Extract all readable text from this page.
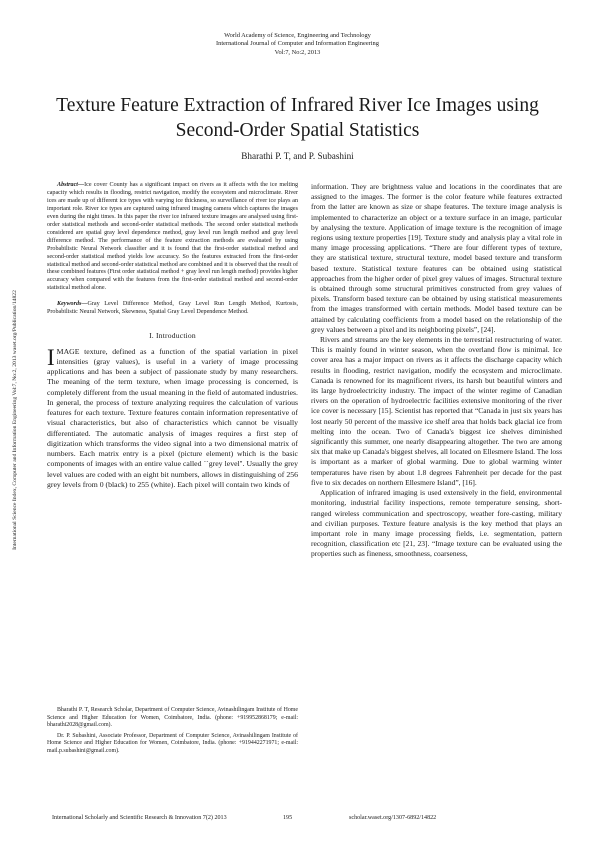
World Academy of Science, Engineering and Technology
International Journal of Computer and Information Engineering
Vol:7, No:2, 2013
Texture Feature Extraction of Infrared River Ice Images using Second-Order Spatial Statistics
Bharathi P. T, and P. Subashini
International Science Index, Computer and Information Engineering Vol:7, No:2, 2013 waset.org/Publication/14822

Abstract—Ice cover County has a significant impact on rivers as it affects with the ice melting capacity which results in flooding, restrict navigation, modify the ecosystem and microclimate. River ices are made up of different ice types with varying ice thickness, so surveillance of river ice plays an important role. River ice types are captured using infrared imaging camera which captures the images even during the night times. In this paper the river ice infrared texture images are analysed using first-order statistical methods and second-order statistical methods. The second order statistical methods considered are spatial gray level dependence method, gray level run length method and gray level difference method. The performance of the feature extraction methods are evaluated by using Probabilistic Neural Network classifier and it is found that the first-order statistical method and second-order statistical method yields low accuracy. So the features extracted from the first-order statistical method and second-order statistical method are combined and it is observed that the result of these combined features (First order statistical method + gray level run length method) provides higher accuracy when compared with the features from the first-order statistical method and second-order statistical method alone.

Keywords—Gray Level Difference Method, Gray Level Run Length Method, Kurtosis, Probabilistic Neural Network, Skewness, Spatial Gray Level Dependence Method.

I. Introduction

IMAGE texture, defined as a function of the spatial variation in pixel intensities (gray values), is useful in a variety of image processing applications and has been a subject of passionate study by many researchers. The meaning of the term texture, when image processing is concerned, is completely different from the usual meaning in the field of automated industries. In general, the process of texture analyzing requires the calculation of various features for each texture. Texture features contain information representative of visual characteristics, but also of characteristics which cannot be visually differentiated. The automatic analysis of images requires a first step of digitization which transforms the video signal into a two dimensional matrix of numbers. Each matrix entry is a pixel (picture element) which is the basic components of images with an entire value called ``grey level''. Usually the grey level values are coded with an eight bit numbers, allows in distinguishing of 256 grey levels from 0 (black) to 255 (white). Each pixel will contain two kinds of

Bharathi P. T, Research Scholar, Department of Computer Science, Avinashilingam Institute of Home Science and Higher Education for Women, Coimbatore, India. (phone: +919952868179; e-mail: bharathi2028@gmail.com).

Dr. P. Subashini, Associate Professor, Department of Computer Science, Avinashilingam Institute of Home Science and Higher Education for Women, Coimbatore, India. (phone: +919442271971; e-mail: mail.p.subashini@gmail.com).

information. They are brightness value and locations in the coordinates that are assigned to the images. The former is the color feature while features extracted from the latter are known as size or shape features. The texture image analysis is implemented to characterize an object or a texture surface in an image, particular by analysing the texture. Application of image texture is the recognition of image regions using texture properties [19]. Texture study and analysis play a vital role in many image processing applications. “There are four different types of texture, they are statistical texture, structural texture, model based texture and transform based texture. Statistical texture features can be obtained using statistical approaches from the higher order of pixel grey values of images. Structural texture is obtained through some structural primitives constructed from grey values of pixels. Transform based texture can be obtained by using statistical measurements from the images transformed with certain methods. Model based texture can be attained by calculating coefficients from a model based on the relationship of the grey values between a pixel and its neighboring pixels”, [24].

Rivers and streams are the key elements in the terrestrial restructuring of water. This is mainly found in winter season, when the overland flow is minimal. Ice cover area has a major impact on rivers as it affects the discharge capacity which results in flooding, restrict navigation, modify the ecosystem and microclimate. Canada is renowned for its magnificent rivers, its harsh but beautiful winters and its large hydroelectricity industry. The impact of the winter regime of Canadian rivers on the operation of hydroelectric facilities extensive monitoring of the river ice cover is necessary [15]. Scientist has reported that “Canada in just six years has lost nearly 50 percent of the massive ice shelf area that holds back glacial ice from melting into the ocean. Two of Canada's biggest ice shelves diminished significantly this summer, one nearly disappearing altogether. The two are among six that make up Canada's biggest shelves, all located on Ellesmere Island. The loss is important as a marker of global warming. Due to global warming winter temperatures have risen by about 1.8 degrees Fahrenheit per decade for the past five to six decades on northern Ellesmere Island”, [16].

Application of infrared imaging is used extensively in the field, environmental monitoring, industrial facility inspections, remote temperature sensing, short-ranged wireless communication and spectroscopy, weather fore-casting, military and civilian purposes. Texture feature analysis is the key method that plays an important role in many image processing fields, i.e. segmentation, pattern recognition, classification etc [21, 23]. “Image texture can be evaluated using the properties such as fineness, smoothness, coarseness,

International Scholarly and Scientific Research & Innovation 7(2) 2013	195	scholar.waset.org/1307-6892/14822
